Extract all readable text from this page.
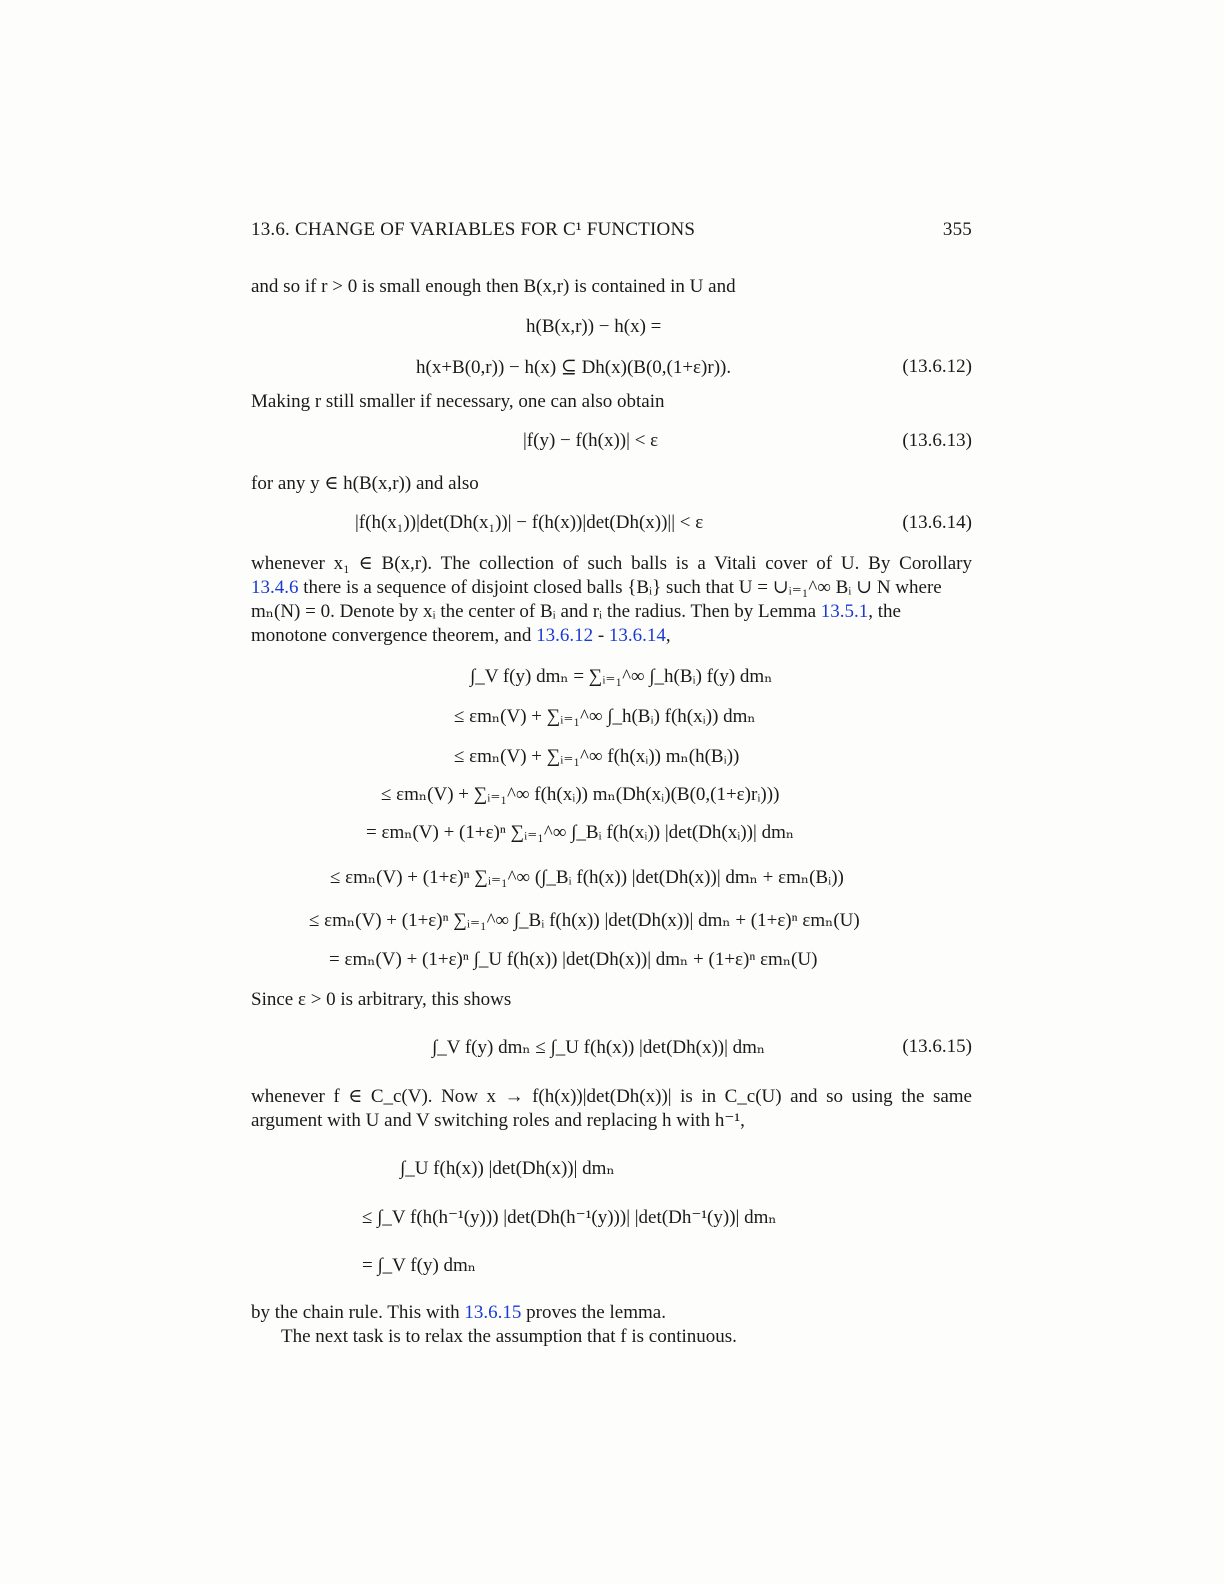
13.6. CHANGE OF VARIABLES FOR C¹ FUNCTIONS	355
and so if r > 0 is small enough then B(x,r) is contained in U and
h(B(x,r)) − h(x) =
h(x+B(0,r)) − h(x) ⊆ Dh(x)(B(0,(1+ε)r)).	(13.6.12)
Making r still smaller if necessary, one can also obtain
|f(y) − f(h(x))| < ε	(13.6.13)
for any y ∈ h(B(x,r)) and also
|f(h(x₁))|det(Dh(x₁))| − f(h(x))|det(Dh(x))|| < ε	(13.6.14)
whenever x₁ ∈ B(x,r). The collection of such balls is a Vitali cover of U. By Corollary
13.4.6 there is a sequence of disjoint closed balls {Bᵢ} such that U = ∪ᵢ₌₁^∞ Bᵢ ∪ N where
mₙ(N) = 0. Denote by xᵢ the center of Bᵢ and rᵢ the radius. Then by Lemma 13.5.1, the
monotone convergence theorem, and 13.6.12 - 13.6.14,
∫_V f(y) dmₙ = ∑ᵢ₌₁^∞ ∫_h(Bᵢ) f(y) dmₙ
≤ εmₙ(V) + ∑ᵢ₌₁^∞ ∫_h(Bᵢ) f(h(xᵢ)) dmₙ
≤ εmₙ(V) + ∑ᵢ₌₁^∞ f(h(xᵢ)) mₙ(h(Bᵢ))
≤ εmₙ(V) + ∑ᵢ₌₁^∞ f(h(xᵢ)) mₙ(Dh(xᵢ)(B(0,(1+ε)rᵢ)))
= εmₙ(V) + (1+ε)ⁿ ∑ᵢ₌₁^∞ ∫_Bᵢ f(h(xᵢ)) |det(Dh(xᵢ))| dmₙ
≤ εmₙ(V) + (1+ε)ⁿ ∑ᵢ₌₁^∞ (∫_Bᵢ f(h(x)) |det(Dh(x))| dmₙ + εmₙ(Bᵢ))
≤ εmₙ(V) + (1+ε)ⁿ ∑ᵢ₌₁^∞ ∫_Bᵢ f(h(x)) |det(Dh(x))| dmₙ + (1+ε)ⁿ εmₙ(U)
= εmₙ(V) + (1+ε)ⁿ ∫_U f(h(x)) |det(Dh(x))| dmₙ + (1+ε)ⁿ εmₙ(U)
Since ε > 0 is arbitrary, this shows
∫_V f(y) dmₙ ≤ ∫_U f(h(x)) |det(Dh(x))| dmₙ	(13.6.15)
whenever f ∈ C_c(V). Now x → f(h(x))|det(Dh(x))| is in C_c(U) and so using the same
argument with U and V switching roles and replacing h with h⁻¹,
∫_U f(h(x)) |det(Dh(x))| dmₙ
≤ ∫_V f(h(h⁻¹(y))) |det(Dh(h⁻¹(y)))| |det(Dh⁻¹(y))| dmₙ
= ∫_V f(y) dmₙ
by the chain rule. This with 13.6.15 proves the lemma.
The next task is to relax the assumption that f is continuous.
